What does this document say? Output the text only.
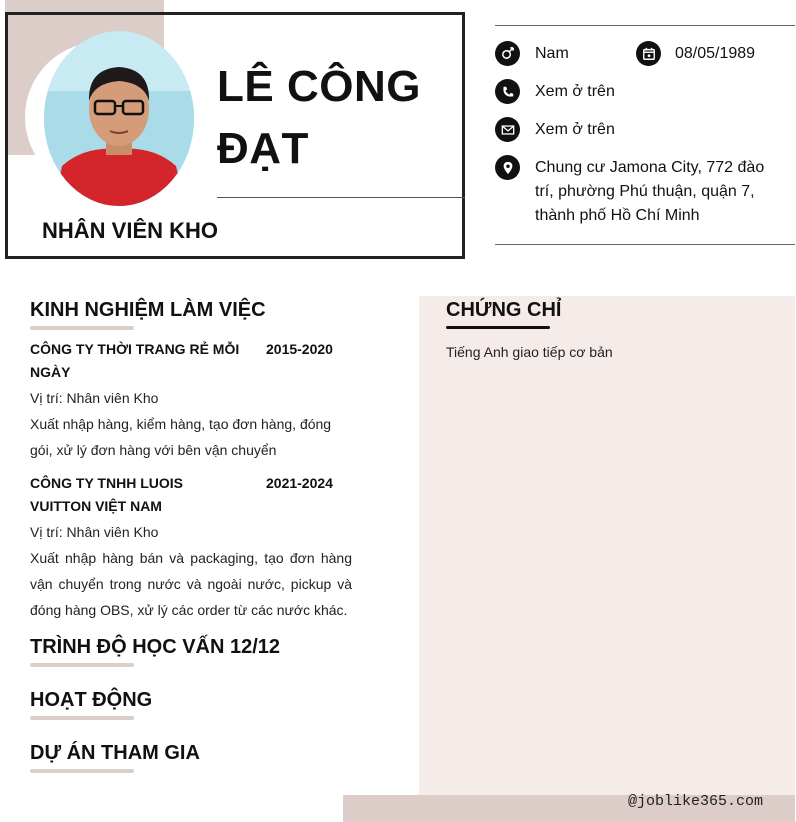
LÊ CÔNG ĐẠT
NHÂN VIÊN KHO
Nam	08/05/1989
Xem ở trên
Xem ở trên
Chung cư Jamona City, 772 đào trí, phường Phú thuận, quận 7, thành phố Hồ Chí Minh
CHỨNG CHỈ
Tiếng Anh giao tiếp cơ bản
KINH NGHIỆM LÀM VIỆC
CÔNG TY THỜI TRANG RẺ MỖI NGÀY
2015-2020
Vị trí: Nhân viên Kho
Xuất nhập hàng, kiểm hàng, tạo đơn hàng, đóng gói, xử lý đơn hàng với bên vận chuyển
CÔNG TY TNHH LUOIS VUITTON VIỆT NAM
2021-2024
Vị trí: Nhân viên Kho
Xuất nhập hàng bán và packaging, tạo đơn hàng vận chuyển trong nước và ngoài nước, pickup và đóng hàng OBS, xử lý các order từ các nước khác.
TRÌNH ĐỘ HỌC VẤN 12/12
HOẠT ĐỘNG
DỰ ÁN THAM GIA
@joblike365.com
